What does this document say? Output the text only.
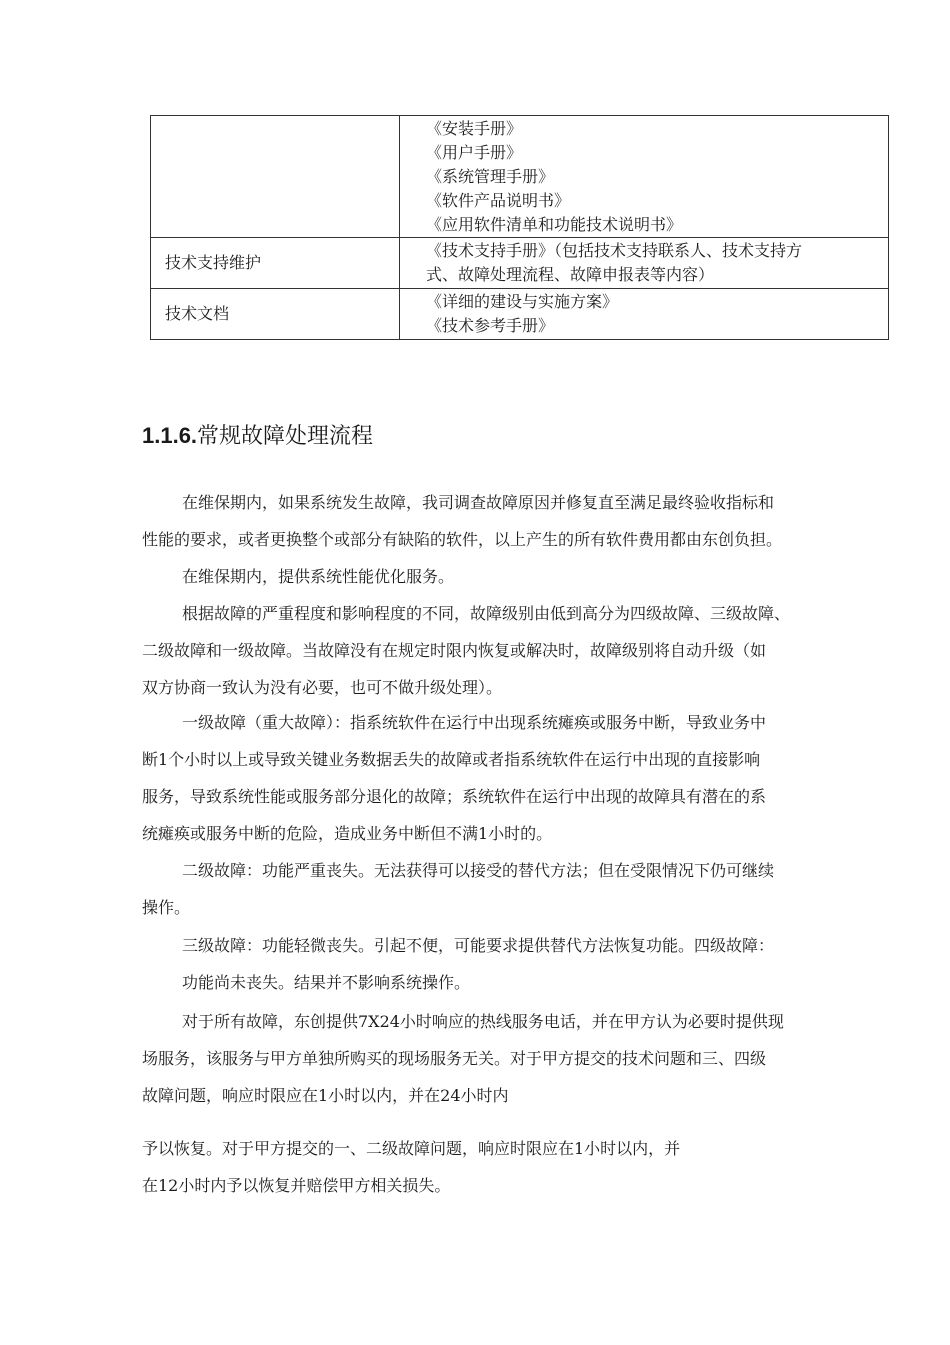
	《安装手册》
《用户手册》
《系统管理手册》
《软件产品说明书》
《应用软件清单和功能技术说明书》

技术支持维护	《技术支持手册》（包括技术支持联系人、技术支持方
式、故障处理流程、故障申报表等内容）

技术文档	《详细的建设与实施方案》
《技术参考手册》
1.1.6.常规故障处理流程
在维保期内，如果系统发生故障，我司调查故障原因并修复直至满足最终验收指标和
性能的要求，或者更换整个或部分有缺陷的软件，以上产生的所有软件费用都由东创负担。
在维保期内，提供系统性能优化服务。
根据故障的严重程度和影响程度的不同，故障级别由低到高分为四级故障、三级故障、
二级故障和一级故障。当故障没有在规定时限内恢复或解决时，故障级别将自动升级（如
双方协商一致认为没有必要，也可不做升级处理）。
一级故障（重大故障）：指系统软件在运行中出现系统瘫痪或服务中断，导致业务中
断1个小时以上或导致关键业务数据丢失的故障或者指系统软件在运行中出现的直接影响
服务，导致系统性能或服务部分退化的故障；系统软件在运行中出现的故障具有潜在的系
统瘫痪或服务中断的危险，造成业务中断但不满1小时的。
二级故障：功能严重丧失。无法获得可以接受的替代方法；但在受限情况下仍可继续
操作。
三级故障：功能轻微丧失。引起不便，可能要求提供替代方法恢复功能。四级故障：
功能尚未丧失。结果并不影响系统操作。
对于所有故障，东创提供7X24小时响应的热线服务电话，并在甲方认为必要时提供现
场服务，该服务与甲方单独所购买的现场服务无关。对于甲方提交的技术问题和三、四级
故障问题，响应时限应在1小时以内，并在24小时内
予以恢复。对于甲方提交的一、二级故障问题，响应时限应在1小时以内，并
在12小时内予以恢复并赔偿甲方相关损失。
